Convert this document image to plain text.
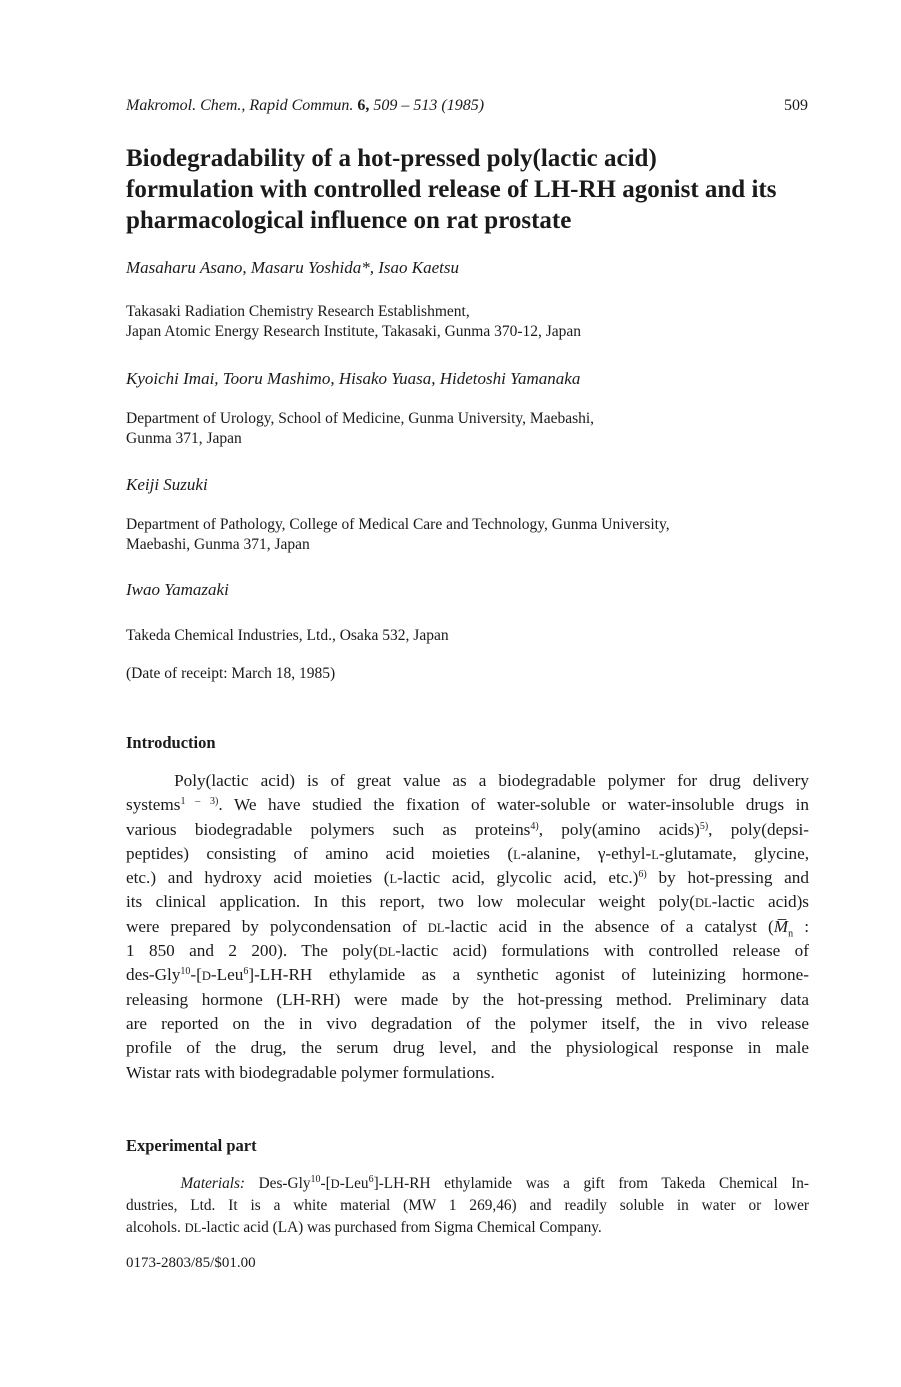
Makromol. Chem., Rapid Commun. 6, 509 – 513 (1985)	509
Biodegradability of a hot-pressed poly(lactic acid)
formulation with controlled release of LH-RH agonist and its
pharmacological influence on rat prostate
Masaharu Asano, Masaru Yoshida*, Isao Kaetsu
Takasaki Radiation Chemistry Research Establishment,
Japan Atomic Energy Research Institute, Takasaki, Gunma 370-12, Japan
Kyoichi Imai, Tooru Mashimo, Hisako Yuasa, Hidetoshi Yamanaka
Department of Urology, School of Medicine, Gunma University, Maebashi,
Gunma 371, Japan
Keiji Suzuki
Department of Pathology, College of Medical Care and Technology, Gunma University,
Maebashi, Gunma 371, Japan
Iwao Yamazaki
Takeda Chemical Industries, Ltd., Osaka 532, Japan
(Date of receipt: March 18, 1985)
Introduction
Poly(lactic acid) is of great value as a biodegradable polymer for drug delivery
systems$^{1 - 3)}$. We have studied the fixation of water-soluble or water-insoluble drugs in
various biodegradable polymers such as proteins$^{4)}$, poly(amino acids)$^{5)}$, poly(depsi-
peptides) consisting of amino acid moieties (L-alanine, γ-ethyl-L-glutamate, glycine,
etc.) and hydroxy acid moieties (L-lactic acid, glycolic acid, etc.)$^{6)}$ by hot-pressing and
its clinical application. In this report, two low molecular weight poly(DL-lactic acid)s
were prepared by polycondensation of DL-lactic acid in the absence of a catalyst ($M̅_n$ :
1 850 and 2 200). The poly(DL-lactic acid) formulations with controlled release of
des-Gly$^{10}$-[D-Leu$^6$]-LH-RH ethylamide as a synthetic agonist of luteinizing hormone-
releasing hormone (LH-RH) were made by the hot-pressing method. Preliminary data
are reported on the in vivo degradation of the polymer itself, the in vivo release
profile of the drug, the serum drug level, and the physiological response in male
Wistar rats with biodegradable polymer formulations.
Experimental part
Materials: Des-Gly$^{10}$-[D-Leu$^6$]-LH-RH ethylamide was a gift from Takeda Chemical In-
dustries, Ltd. It is a white material (MW 1 269,46) and readily soluble in water or lower
alcohols. DL-lactic acid (LA) was purchased from Sigma Chemical Company.
0173-2803/85/$01.00
